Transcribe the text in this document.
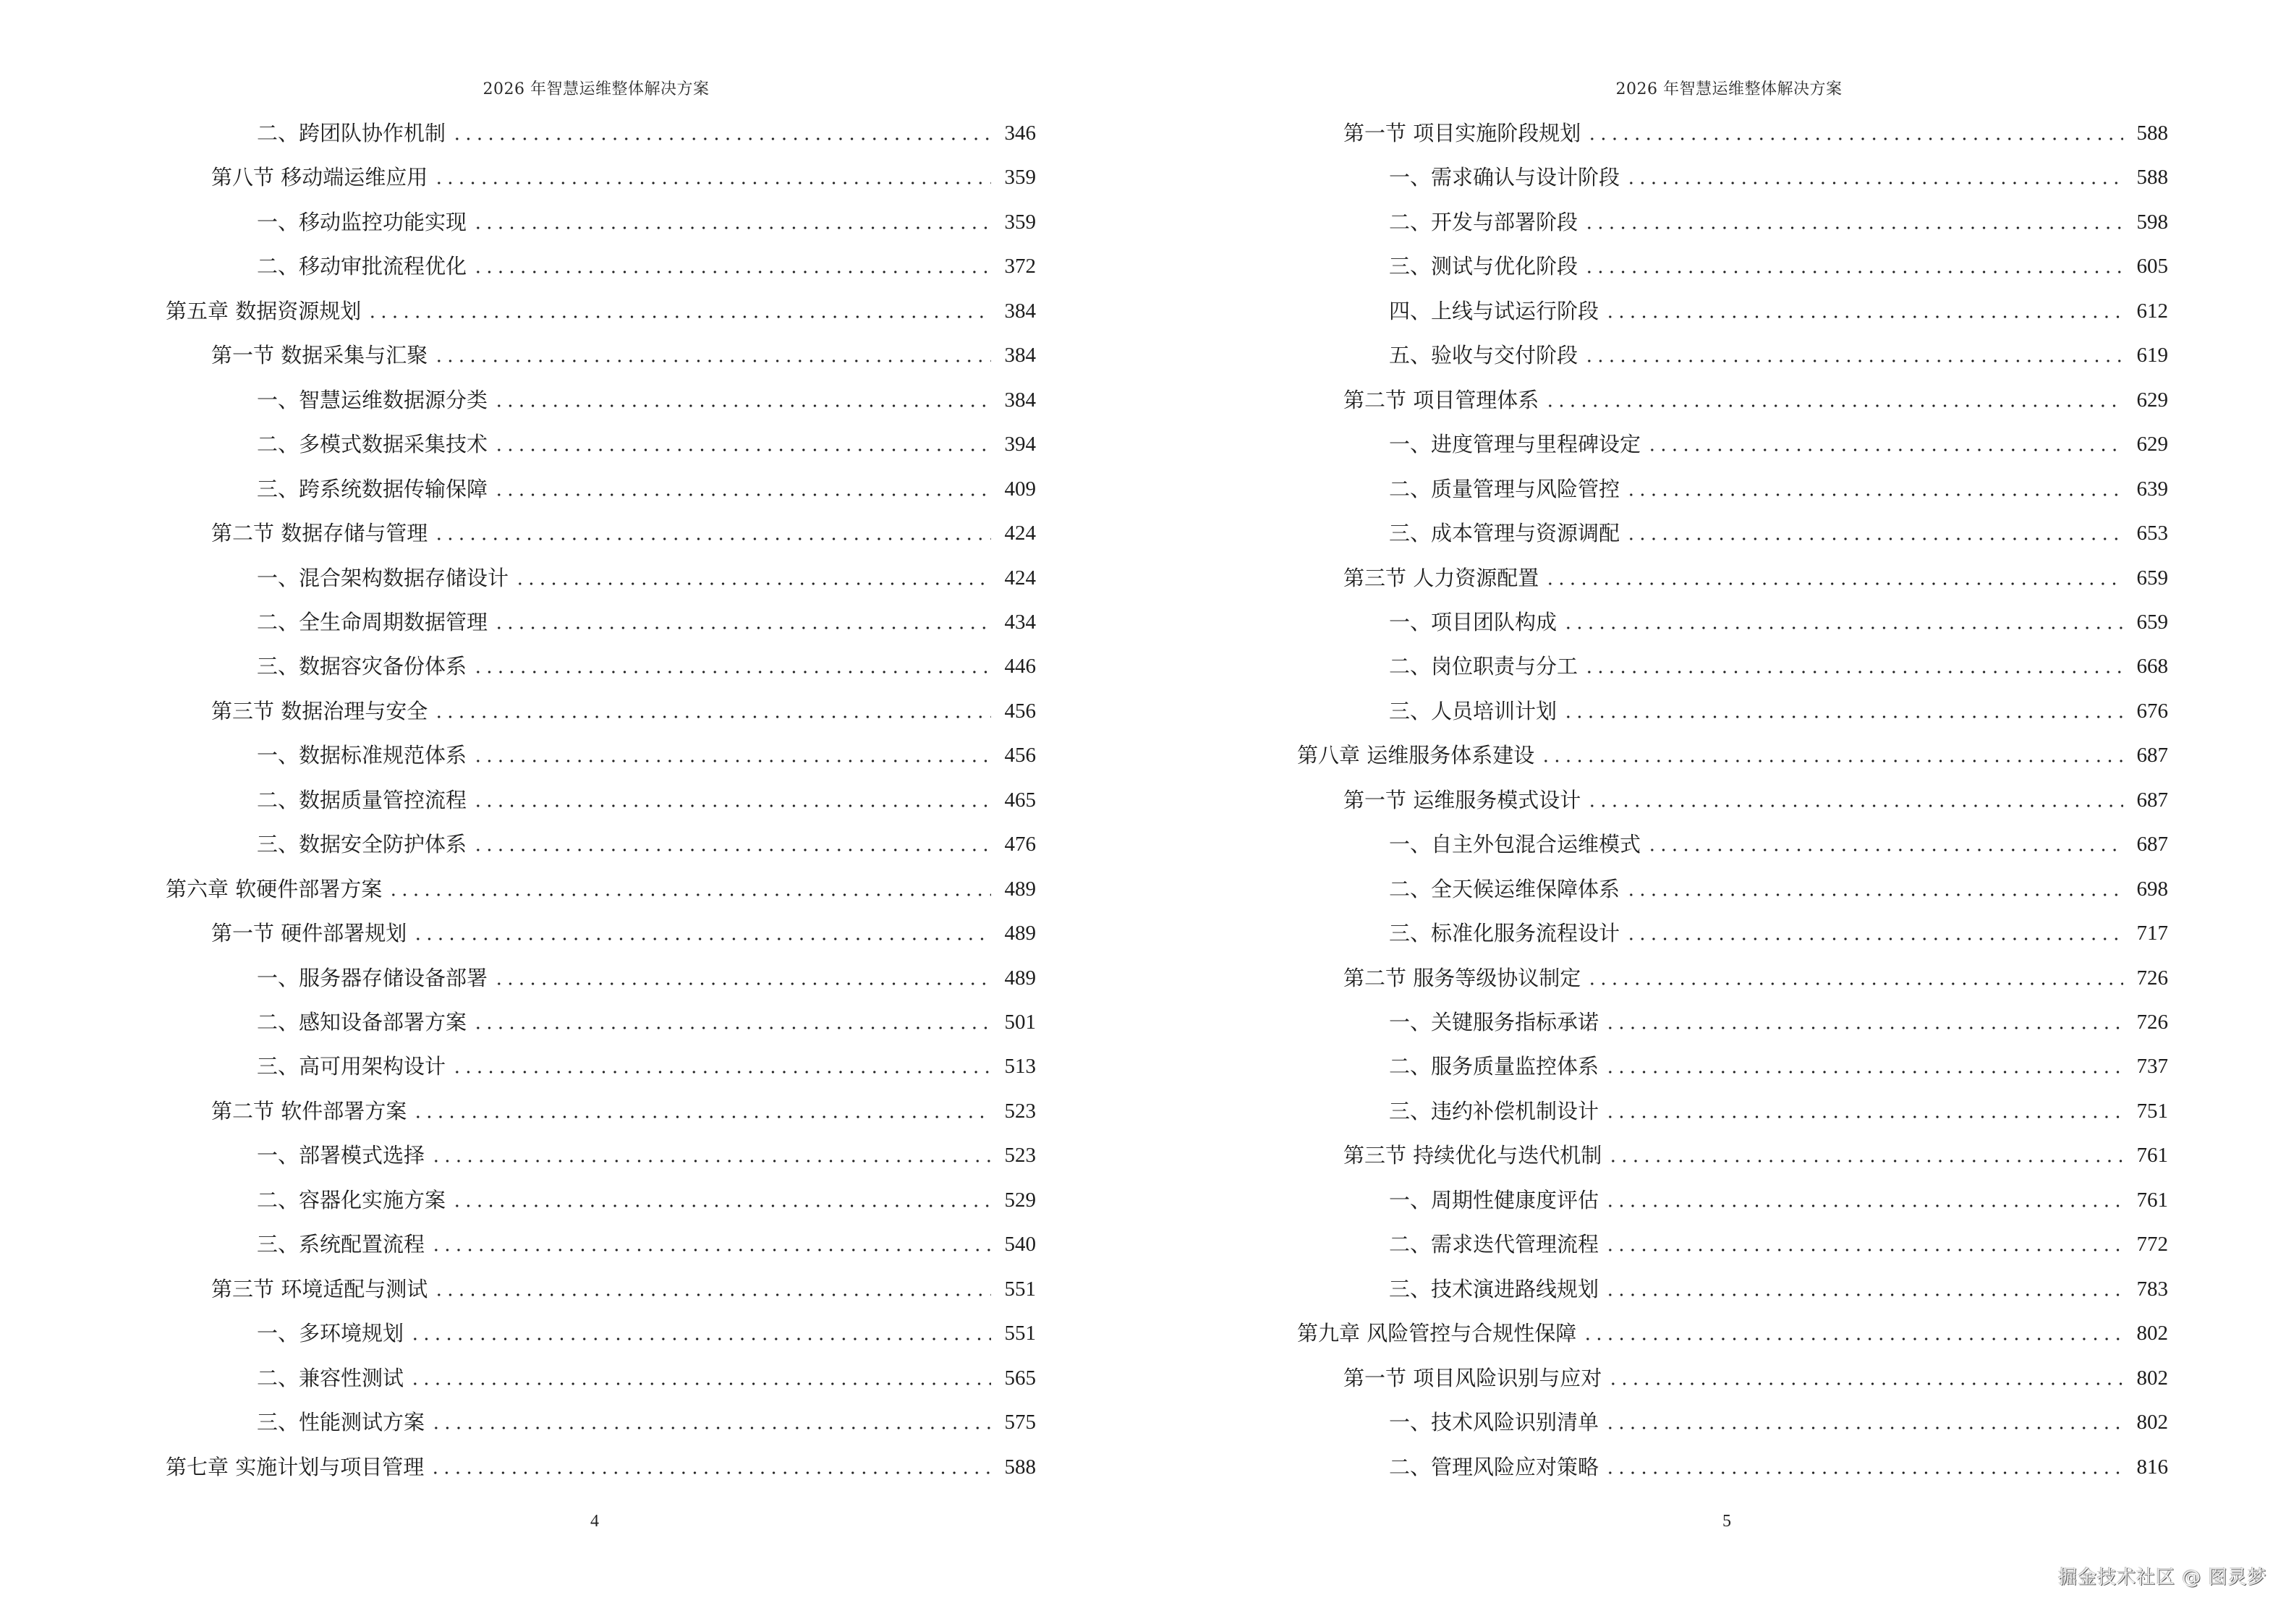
2026 年智慧运维整体解决方案
二、跨团队协作机制	346
第八节 移动端运维应用	359
一、移动监控功能实现	359
二、移动审批流程优化	372
第五章 数据资源规划	384
第一节 数据采集与汇聚	384
一、智慧运维数据源分类	384
二、多模式数据采集技术	394
三、跨系统数据传输保障	409
第二节 数据存储与管理	424
一、混合架构数据存储设计	424
二、全生命周期数据管理	434
三、数据容灾备份体系	446
第三节 数据治理与安全	456
一、数据标准规范体系	456
二、数据质量管控流程	465
三、数据安全防护体系	476
第六章 软硬件部署方案	489
第一节 硬件部署规划	489
一、服务器存储设备部署	489
二、感知设备部署方案	501
三、高可用架构设计	513
第二节 软件部署方案	523
一、部署模式选择	523
二、容器化实施方案	529
三、系统配置流程	540
第三节 环境适配与测试	551
一、多环境规划	551
二、兼容性测试	565
三、性能测试方案	575
第七章 实施计划与项目管理	588
4
2026 年智慧运维整体解决方案
第一节 项目实施阶段规划	588
一、需求确认与设计阶段	588
二、开发与部署阶段	598
三、测试与优化阶段	605
四、上线与试运行阶段	612
五、验收与交付阶段	619
第二节 项目管理体系	629
一、进度管理与里程碑设定	629
二、质量管理与风险管控	639
三、成本管理与资源调配	653
第三节 人力资源配置	659
一、项目团队构成	659
二、岗位职责与分工	668
三、人员培训计划	676
第八章 运维服务体系建设	687
第一节 运维服务模式设计	687
一、自主外包混合运维模式	687
二、全天候运维保障体系	698
三、标准化服务流程设计	717
第二节 服务等级协议制定	726
一、关键服务指标承诺	726
二、服务质量监控体系	737
三、违约补偿机制设计	751
第三节 持续优化与迭代机制	761
一、周期性健康度评估	761
二、需求迭代管理流程	772
三、技术演进路线规划	783
第九章 风险管控与合规性保障	802
第一节 项目风险识别与应对	802
一、技术风险识别清单	802
二、管理风险应对策略	816
5
掘金技术社区 @ 图灵梦
